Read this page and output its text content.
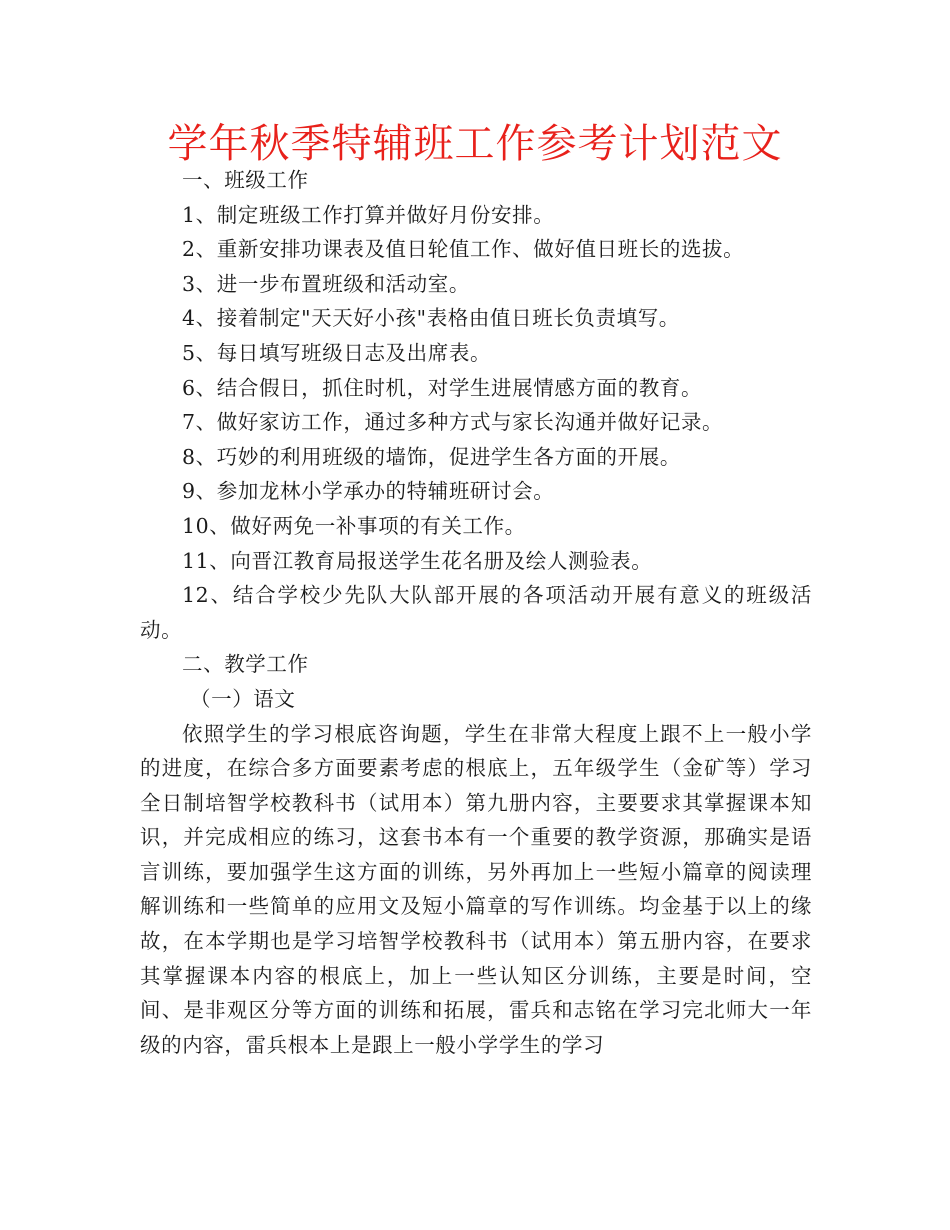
学年秋季特辅班工作参考计划范文

一、班级工作

1、制定班级工作打算并做好月份安排。

2、重新安排功课表及值日轮值工作、做好值日班长的选拔。

3、进一步布置班级和活动室。

4、接着制定"天天好小孩"表格由值日班长负责填写。

5、每日填写班级日志及出席表。

6、结合假日，抓住时机，对学生进展情感方面的教育。

7、做好家访工作，通过多种方式与家长沟通并做好记录。

8、巧妙的利用班级的墙饰，促进学生各方面的开展。

9、参加龙林小学承办的特辅班研讨会。

10、做好两免一补事项的有关工作。

11、向晋江教育局报送学生花名册及绘人测验表。

12、结合学校少先队大队部开展的各项活动开展有意义的班级活动。

二、教学工作

（一）语文

依照学生的学习根底咨询题，学生在非常大程度上跟不上一般小学的进度，在综合多方面要素考虑的根底上，五年级学生（金矿等）学习全日制培智学校教科书（试用本）第九册内容，主要要求其掌握课本知识，并完成相应的练习，这套书本有一个重要的教学资源，那确实是语言训练，要加强学生这方面的训练，另外再加上一些短小篇章的阅读理解训练和一些简单的应用文及短小篇章的写作训练。均金基于以上的缘故，在本学期也是学习培智学校教科书（试用本）第五册内容，在要求其掌握课本内容的根底上，加上一些认知区分训练，主要是时间，空间、是非观区分等方面的训练和拓展，雷兵和志铭在学习完北师大一年级的内容，雷兵根本上是跟上一般小学学生的学习
